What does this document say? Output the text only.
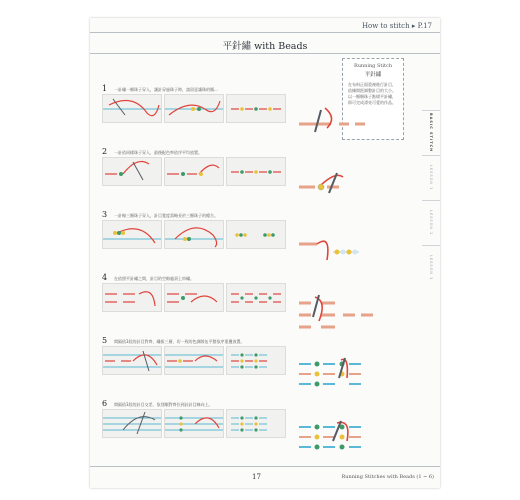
How to stitch ▸ P.17
平針繡 with Beads
Running Stitch
平針繡
在布料正面重複進行針目，依據間距調整針目的大小。以一顆顆珠子點綴平針繡，即可完成漂亮可愛的作品。
BASIC STITCH
LESSON 1
LESSON 2
LESSON 3
1 一針繡一顆珠子穿入，讓針穿過珠子時，請留意讓珠的順...
2 一針依同樣珠子穿入，最後配色率依序平均放置。
3 一針線三顆珠子穿入，針目寬度需略長於三顆珠子的總合。
4 在依照平針繡之間，針目的空隙處須上串繡。
5 間隔依3段的針目對齊，繡拔三層，切一致的色調隊伍平整依序重疊放置。
6 間隔依3段的針目交差，依別順對齊位到針針目線向上。
17	Running Stitches with Beads (1 ~ 6)
